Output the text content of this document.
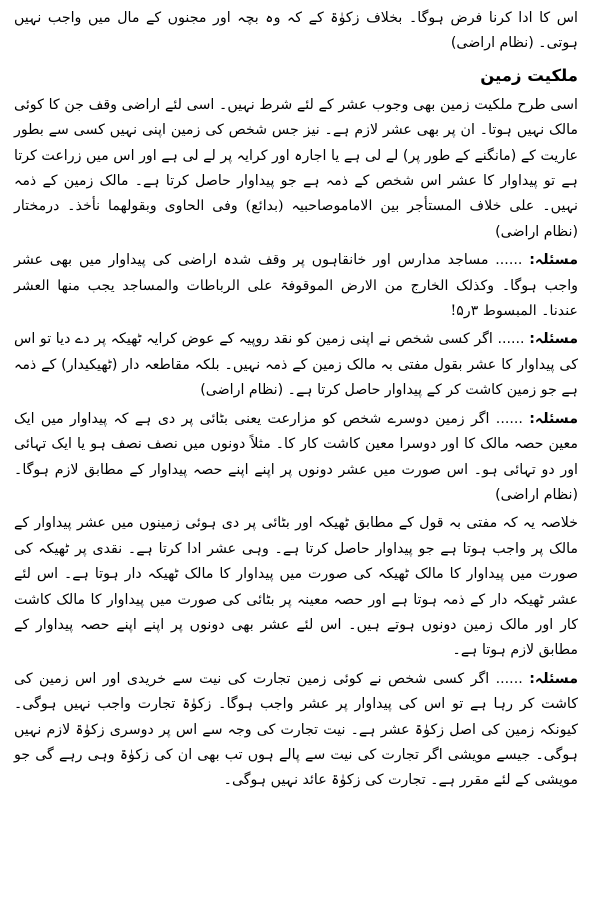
اس کا ادا کرنا فرض ہوگا۔ بخلاف زکوٰۃ کے کہ وہ بچہ اور مجنوں کے مال میں واجب نہیں ہوتی۔ (نظام اراضی)
ملکیت زمین
اسی طرح ملکیت زمین بھی وجوب عشر کے لئے شرط نہیں۔ اسی لئے اراضی وقف جن کا کوئی مالک نہیں ہوتا۔ ان پر بھی عشر لازم ہے۔ نیز جس شخص کی زمین اپنی نہیں کسی سے بطور عاریت کے (مانگنے کے طور پر) لے لی ہے یا اجارہ اور کرایہ پر لے لی ہے اور اس میں زراعت کرتا ہے تو پیداوار کا عشر اس شخص کے ذمہ ہے جو پیداوار حاصل کرتا ہے۔ مالک زمین کے ذمہ نہیں۔ علی خلاف المستأجر بین الاماموصاحبیہ (بدائع) وفی الحاوی وبقولھما نأخذ۔ درمختار (نظام اراضی)
مسئلہ: ...... مساجد مدارس اور خانقاہوں پر وقف شدہ اراضی کی پیداوار میں بھی عشر واجب ہوگا۔ وکذلک الخارج من الارض الموقوفۃ علی الرباطات والمساجد یجب منھا العشر عندنا۔ المبسوط ۳ر۵!
مسئلہ: ...... اگر کسی شخص نے اپنی زمین کو نقد روپیہ کے عوض کرایہ ٹھیکہ پر دے دیا تو اس کی پیداوار کا عشر بقول مفتی بہ مالک زمین کے ذمہ نہیں۔ بلکہ مقاطعہ دار (ٹھیکیدار) کے ذمہ ہے جو زمین کاشت کر کے پیداوار حاصل کرتا ہے۔ (نظام اراضی)
مسئلہ: ...... اگر زمین دوسرے شخص کو مزارعت یعنی بٹائی پر دی ہے کہ پیداوار میں ایک معین حصہ مالک کا اور دوسرا معین کاشت کار کا۔ مثلاً دونوں میں نصف نصف ہو یا ایک تہائی اور دو تہائی ہو۔ اس صورت میں عشر دونوں پر اپنے اپنے حصہ پیداوار کے مطابق لازم ہوگا۔ (نظام اراضی)
خلاصہ یہ کہ مفتی بہ قول کے مطابق ٹھیکہ اور بٹائی پر دی ہوئی زمینوں میں عشر پیداوار کے مالک پر واجب ہوتا ہے جو پیداوار حاصل کرتا ہے۔ وہی عشر ادا کرتا ہے۔ نقدی پر ٹھیکہ کی صورت میں پیداوار کا مالک ٹھیکہ کی صورت میں پیداوار کا مالک ٹھیکہ دار ہوتا ہے۔ اس لئے عشر ٹھیکہ دار کے ذمہ ہوتا ہے اور حصہ معینہ پر بٹائی کی صورت میں پیداوار کا مالک کاشت کار اور مالک زمین دونوں ہوتے ہیں۔ اس لئے عشر بھی دونوں پر اپنے اپنے حصہ پیداوار کے مطابق لازم ہوتا ہے۔
مسئلہ: ...... اگر کسی شخص نے کوئی زمین تجارت کی نیت سے خریدی اور اس زمین کی کاشت کر رہا ہے تو اس کی پیداوار پر عشر واجب ہوگا۔ زکوٰۃ تجارت واجب نہیں ہوگی۔ کیونکہ زمین کی اصل زکوٰۃ عشر ہے۔ نیت تجارت کی وجہ سے اس پر دوسری زکوٰۃ لازم نہیں ہوگی۔ جیسے مویشی اگر تجارت کی نیت سے پالے ہوں تب بھی ان کی زکوٰۃ وہی رہے گی جو مویشی کے لئے مقرر ہے۔ تجارت کی زکوٰۃ عائد نہیں ہوگی۔
